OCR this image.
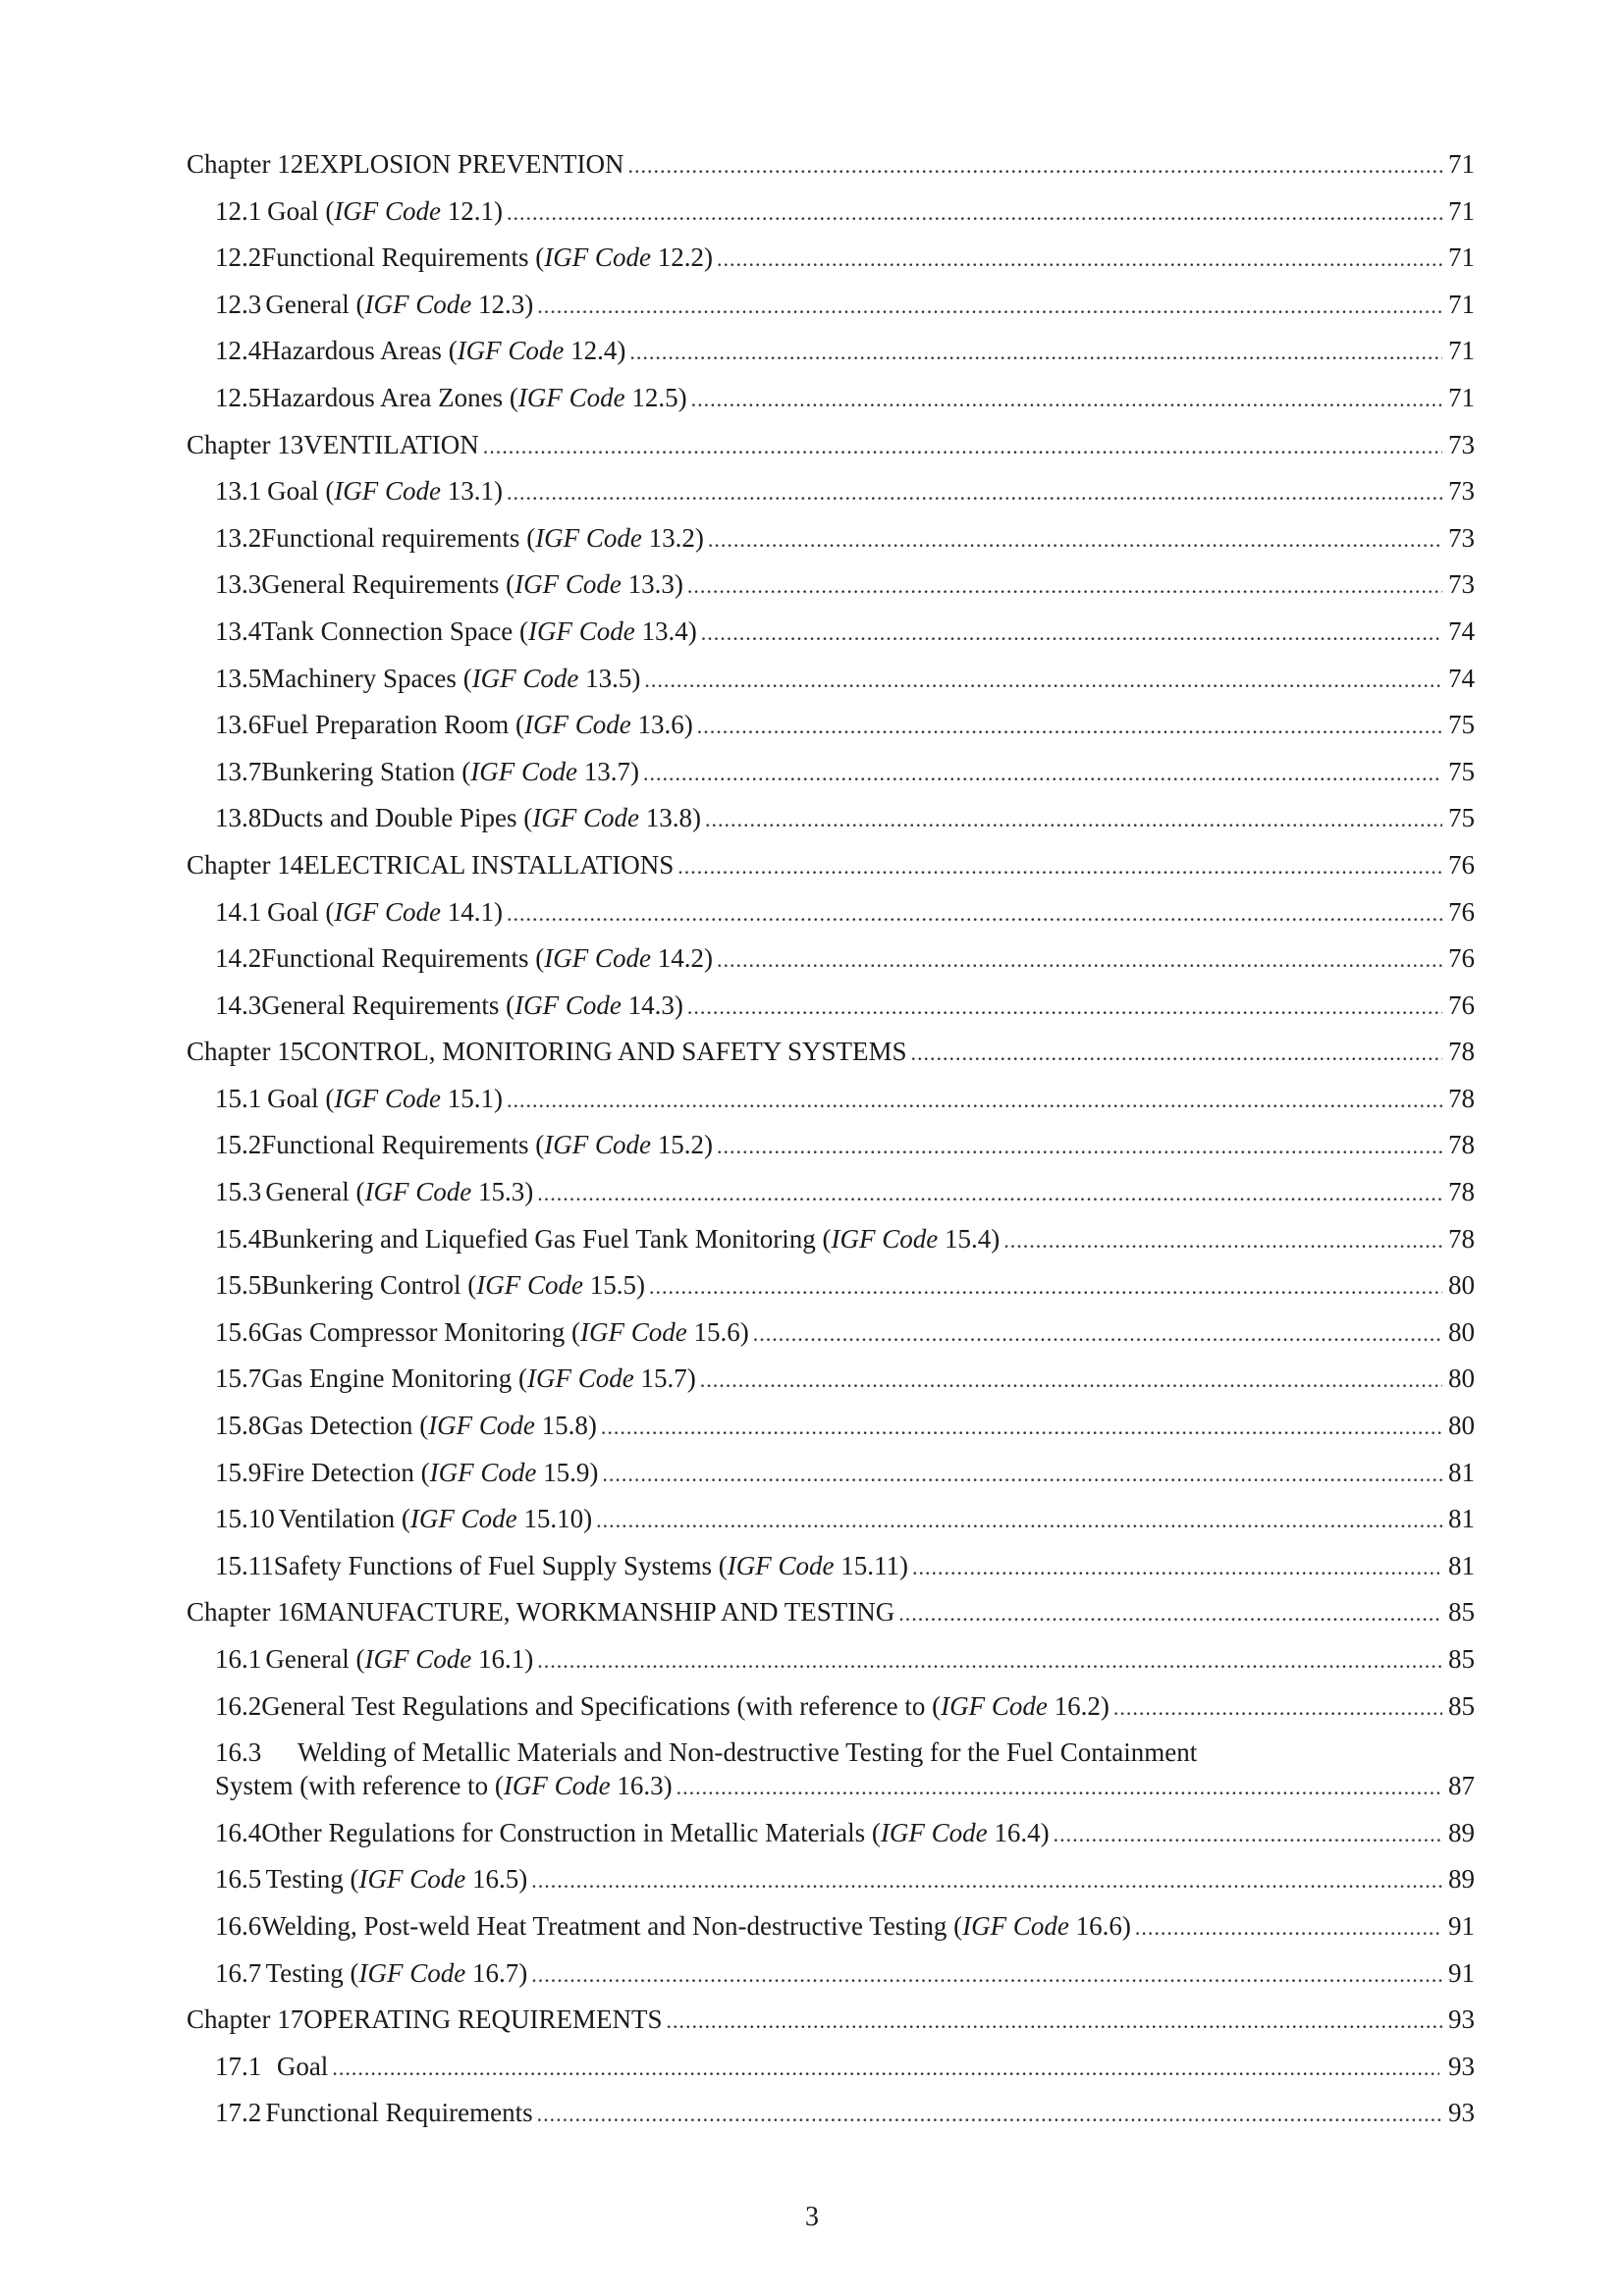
Chapter 12 EXPLOSION PREVENTION .....	71
12.1 Goal (IGF Code 12.1) .....	71
12.2 Functional Requirements (IGF Code 12.2) .....	71
12.3 General (IGF Code 12.3) .....	71
12.4 Hazardous Areas (IGF Code 12.4) .....	71
12.5 Hazardous Area Zones (IGF Code 12.5) .....	71
Chapter 13 VENTILATION .....	73
13.1 Goal (IGF Code 13.1) .....	73
13.2 Functional requirements (IGF Code 13.2) .....	73
13.3 General Requirements (IGF Code 13.3) .....	73
13.4 Tank Connection Space (IGF Code 13.4) .....	74
13.5 Machinery Spaces (IGF Code 13.5) .....	74
13.6 Fuel Preparation Room (IGF Code 13.6) .....	75
13.7 Bunkering Station (IGF Code 13.7) .....	75
13.8 Ducts and Double Pipes (IGF Code 13.8) .....	75
Chapter 14 ELECTRICAL INSTALLATIONS .....	76
14.1 Goal (IGF Code 14.1) .....	76
14.2 Functional Requirements (IGF Code 14.2) .....	76
14.3 General Requirements (IGF Code 14.3) .....	76
Chapter 15 CONTROL, MONITORING AND SAFETY SYSTEMS .....	78
15.1 Goal (IGF Code 15.1) .....	78
15.2 Functional Requirements (IGF Code 15.2) .....	78
15.3 General (IGF Code 15.3) .....	78
15.4 Bunkering and Liquefied Gas Fuel Tank Monitoring (IGF Code 15.4) .....	78
15.5 Bunkering Control (IGF Code 15.5) .....	80
15.6 Gas Compressor Monitoring (IGF Code 15.6) .....	80
15.7 Gas Engine Monitoring (IGF Code 15.7) .....	80
15.8 Gas Detection (IGF Code 15.8) .....	80
15.9 Fire Detection (IGF Code 15.9) .....	81
15.10 Ventilation (IGF Code 15.10) .....	81
15.11 Safety Functions of Fuel Supply Systems (IGF Code 15.11) .....	81
Chapter 16 MANUFACTURE, WORKMANSHIP AND TESTING .....	85
16.1 General (IGF Code 16.1) .....	85
16.2 General Test Regulations and Specifications (with reference to (IGF Code 16.2) .....	85
16.3	Welding of Metallic Materials and Non-destructive Testing for the Fuel Containment
System (with reference to (IGF Code 16.3) .....	87
16.4 Other Regulations for Construction in Metallic Materials (IGF Code 16.4) .....	89
16.5 Testing (IGF Code 16.5) .....	89
16.6 Welding, Post-weld Heat Treatment and Non-destructive Testing (IGF Code 16.6) .....	91
16.7 Testing (IGF Code 16.7) .....	91
Chapter 17 OPERATING REQUIREMENTS .....	93
17.1 Goal .....	93
17.2 Functional Requirements .....	93
3
